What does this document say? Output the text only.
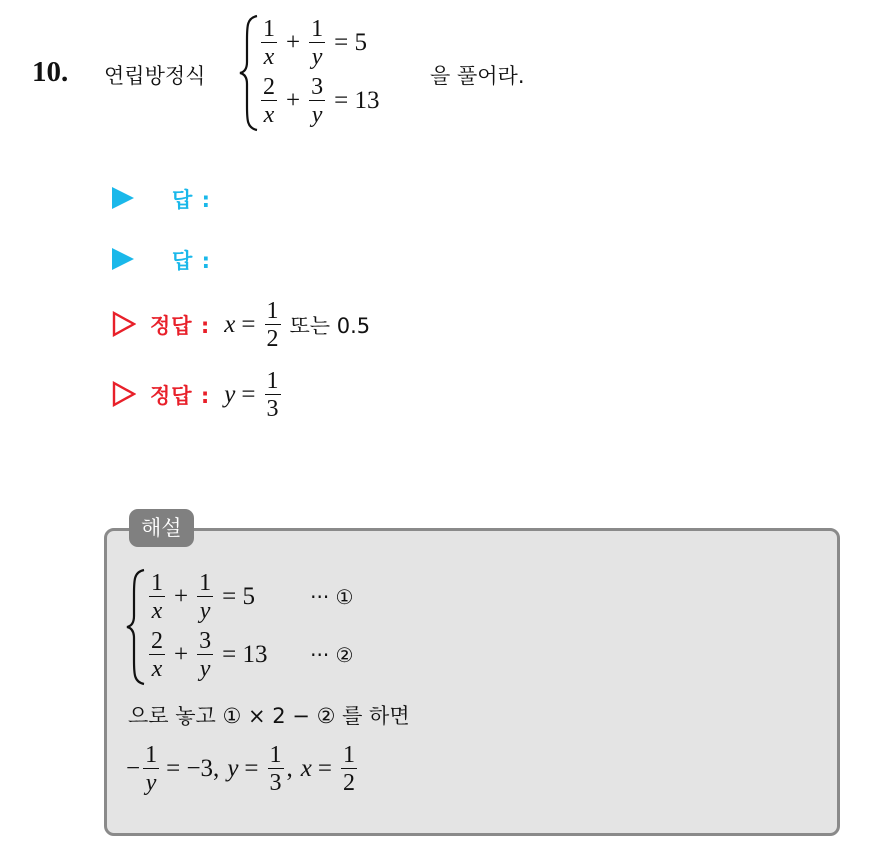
10. 연립방정식
$\frac{1}{x} + \frac{1}{y} = 5$
$\frac{2}{x} + \frac{3}{y} = 13$
을 풀어라.
답 :
답 :
정답 : $x = \frac{1}{2}$ 또는 0.5
정답 : $y = \frac{1}{3}$
해설
$\frac{1}{x} + \frac{1}{y} = 5$	··· ①
$\frac{2}{x} + \frac{3}{y} = 13$	··· ②
으로 놓고 ① × 2 − ② 를 하면
− $\frac{1}{y} = -3$, $y = \frac{1}{3}$ , $x = \frac{1}{2}$
